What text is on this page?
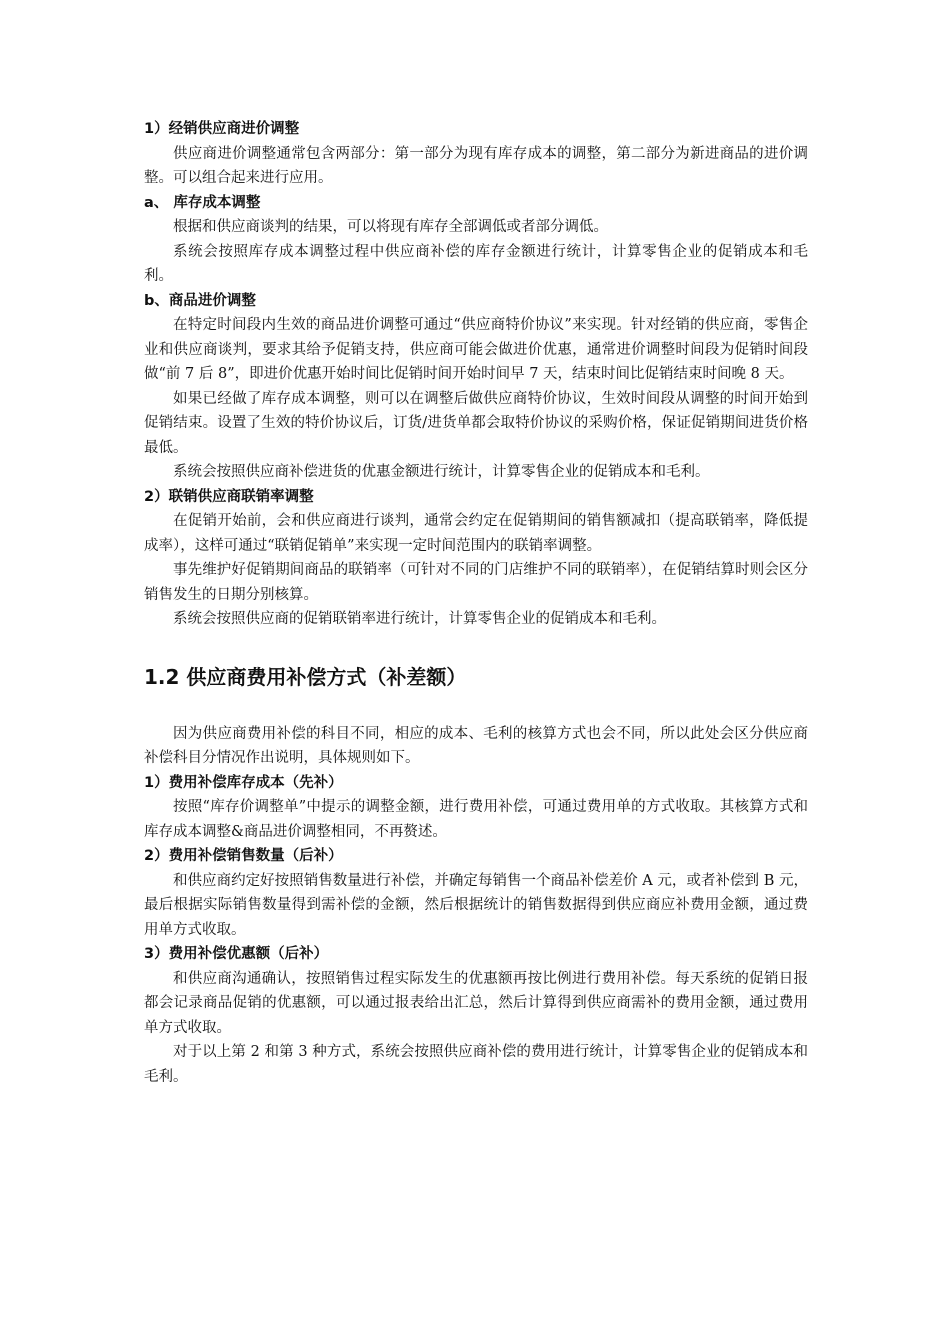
1）经销供应商进价调整

供应商进价调整通常包含两部分：第一部分为现有库存成本的调整，第二部分为新进商品的进价调整。可以组合起来进行应用。

a、 库存成本调整

根据和供应商谈判的结果，可以将现有库存全部调低或者部分调低。

系统会按照库存成本调整过程中供应商补偿的库存金额进行统计，计算零售企业的促销成本和毛利。

b、商品进价调整

在特定时间段内生效的商品进价调整可通过“供应商特价协议”来实现。针对经销的供应商，零售企业和供应商谈判，要求其给予促销支持，供应商可能会做进价优惠，通常进价调整时间段为促销时间段做“前 7 后 8”，即进价优惠开始时间比促销时间开始时间早 7 天，结束时间比促销结束时间晚 8 天。

如果已经做了库存成本调整，则可以在调整后做供应商特价协议，生效时间段从调整的时间开始到促销结束。设置了生效的特价协议后，订货/进货单都会取特价协议的采购价格，保证促销期间进货价格最低。

系统会按照供应商补偿进货的优惠金额进行统计，计算零售企业的促销成本和毛利。

2）联销供应商联销率调整

在促销开始前，会和供应商进行谈判，通常会约定在促销期间的销售额减扣（提高联销率，降低提成率），这样可通过“联销促销单”来实现一定时间范围内的联销率调整。

事先维护好促销期间商品的联销率（可针对不同的门店维护不同的联销率），在促销结算时则会区分销售发生的日期分别核算。

系统会按照供应商的促销联销率进行统计，计算零售企业的促销成本和毛利。

1.2 供应商费用补偿方式（补差额）

因为供应商费用补偿的科目不同，相应的成本、毛利的核算方式也会不同，所以此处会区分供应商补偿科目分情况作出说明，具体规则如下。

1）费用补偿库存成本（先补）

按照“库存价调整单”中提示的调整金额，进行费用补偿，可通过费用单的方式收取。其核算方式和库存成本调整&商品进价调整相同，不再赘述。

2）费用补偿销售数量（后补）

和供应商约定好按照销售数量进行补偿，并确定每销售一个商品补偿差价 A 元，或者补偿到 B 元，最后根据实际销售数量得到需补偿的金额，然后根据统计的销售数据得到供应商应补费用金额，通过费用单方式收取。

3）费用补偿优惠额（后补）

和供应商沟通确认，按照销售过程实际发生的优惠额再按比例进行费用补偿。每天系统的促销日报都会记录商品促销的优惠额，可以通过报表给出汇总，然后计算得到供应商需补的费用金额，通过费用单方式收取。

对于以上第 2 和第 3 种方式，系统会按照供应商补偿的费用进行统计，计算零售企业的促销成本和毛利。
